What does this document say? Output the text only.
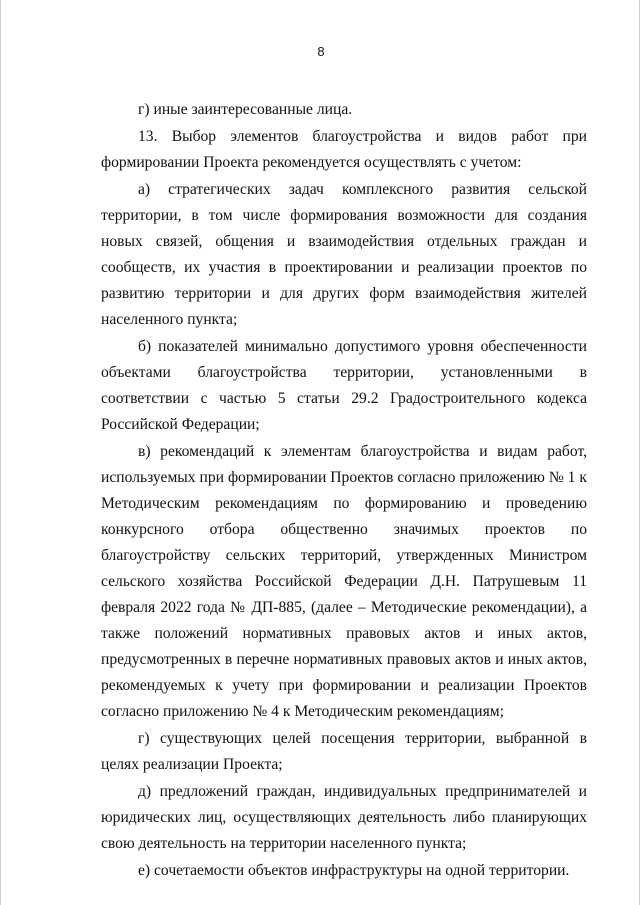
8

г) иные заинтересованные лица.

13. Выбор элементов благоустройства и видов работ при формировании Проекта рекомендуется осуществлять с учетом:

а) стратегических задач комплексного развития сельской территории, в том числе формирования возможности для создания новых связей, общения и взаимодействия отдельных граждан и сообществ, их участия в проектировании и реализации проектов по развитию территории и для других форм взаимодействия жителей населенного пункта;

б) показателей минимально допустимого уровня обеспеченности объектами благоустройства территории, установленными в соответствии с частью 5 статьи 29.2 Градостроительного кодекса Российской Федерации;

в) рекомендаций к элементам благоустройства и видам работ, используемых при формировании Проектов согласно приложению № 1 к Методическим рекомендациям по формированию и проведению конкурсного отбора общественно значимых проектов по благоустройству сельских территорий, утвержденных Министром сельского хозяйства Российской Федерации Д.Н. Патрушевым 11 февраля 2022 года № ДП-885, (далее – Методические рекомендации), а также положений нормативных правовых актов и иных актов, предусмотренных в перечне нормативных правовых актов и иных актов, рекомендуемых к учету при формировании и реализации Проектов согласно приложению № 4 к Методическим рекомендациям;

г) существующих целей посещения территории, выбранной в целях реализации Проекта;

д) предложений граждан, индивидуальных предпринимателей и юридических лиц, осуществляющих деятельность либо планирующих свою деятельность на территории населенного пункта;

е) сочетаемости объектов инфраструктуры на одной территории.
